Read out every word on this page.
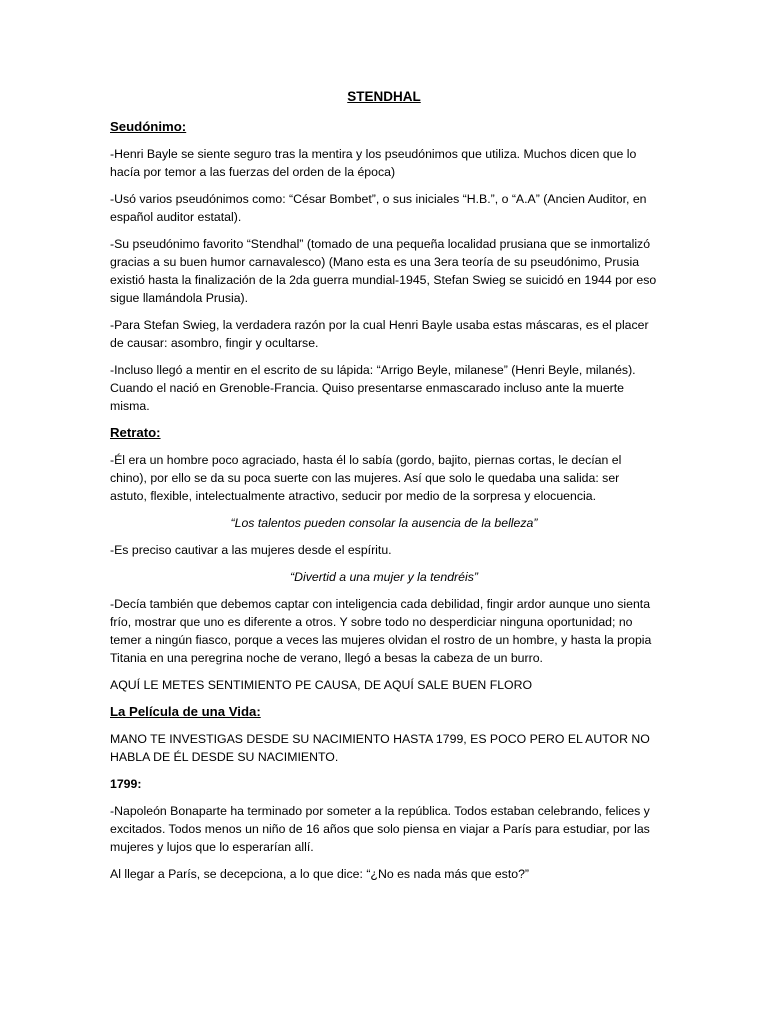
STENDHAL
Seudónimo:

-Henri Bayle se siente seguro tras la mentira y los pseudónimos que utiliza. Muchos dicen que lo hacía por temor a las fuerzas del orden de la época)

-Usó varios pseudónimos como: “César Bombet”, o sus iniciales “H.B.”, o “A.A” (Ancien Auditor, en español auditor estatal).

-Su pseudónimo favorito “Stendhal” (tomado de una pequeña localidad prusiana que se inmortalizó gracias a su buen humor carnavalesco) (Mano esta es una 3era teoría de su pseudónimo, Prusia existió hasta la finalización de la 2da guerra mundial-1945, Stefan Swieg se suicidó en 1944 por eso sigue llamándola Prusia).

-Para Stefan Swieg, la verdadera razón por la cual Henri Bayle usaba estas máscaras, es el placer de causar: asombro, fingir y ocultarse.

-Incluso llegó a mentir en el escrito de su lápida: “Arrigo Beyle, milanese” (Henri Beyle, milanés). Cuando el nació en Grenoble-Francia. Quiso presentarse enmascarado incluso ante la muerte misma.

Retrato:

-Él era un hombre poco agraciado, hasta él lo sabía (gordo, bajito, piernas cortas, le decían el chino), por ello se da su poca suerte con las mujeres. Así que solo le quedaba una salida: ser astuto, flexible, intelectualmente atractivo, seducir por medio de la sorpresa y elocuencia.

“Los talentos pueden consolar la ausencia de la belleza”

-Es preciso cautivar a las mujeres desde el espíritu.

“Divertid a una mujer y la tendréis”

-Decía también que debemos captar con inteligencia cada debilidad, fingir ardor aunque uno sienta frío, mostrar que uno es diferente a otros. Y sobre todo no desperdiciar ninguna oportunidad; no temer a ningún fiasco, porque a veces las mujeres olvidan el rostro de un hombre, y hasta la propia Titania en una peregrina noche de verano, llegó a besas la cabeza de un burro.

AQUÍ LE METES SENTIMIENTO PE CAUSA, DE AQUÍ SALE BUEN FLORO

La Película de una Vida:

MANO TE INVESTIGAS DESDE SU NACIMIENTO HASTA 1799, ES POCO PERO EL AUTOR NO HABLA DE ÉL DESDE SU NACIMIENTO.

1799:

-Napoleón Bonaparte ha terminado por someter a la república. Todos estaban celebrando, felices y excitados. Todos menos un niño de 16 años que solo piensa en viajar a París para estudiar, por las mujeres y lujos que lo esperarían allí.

Al llegar a París, se decepciona, a lo que dice: “¿No es nada más que esto?”
